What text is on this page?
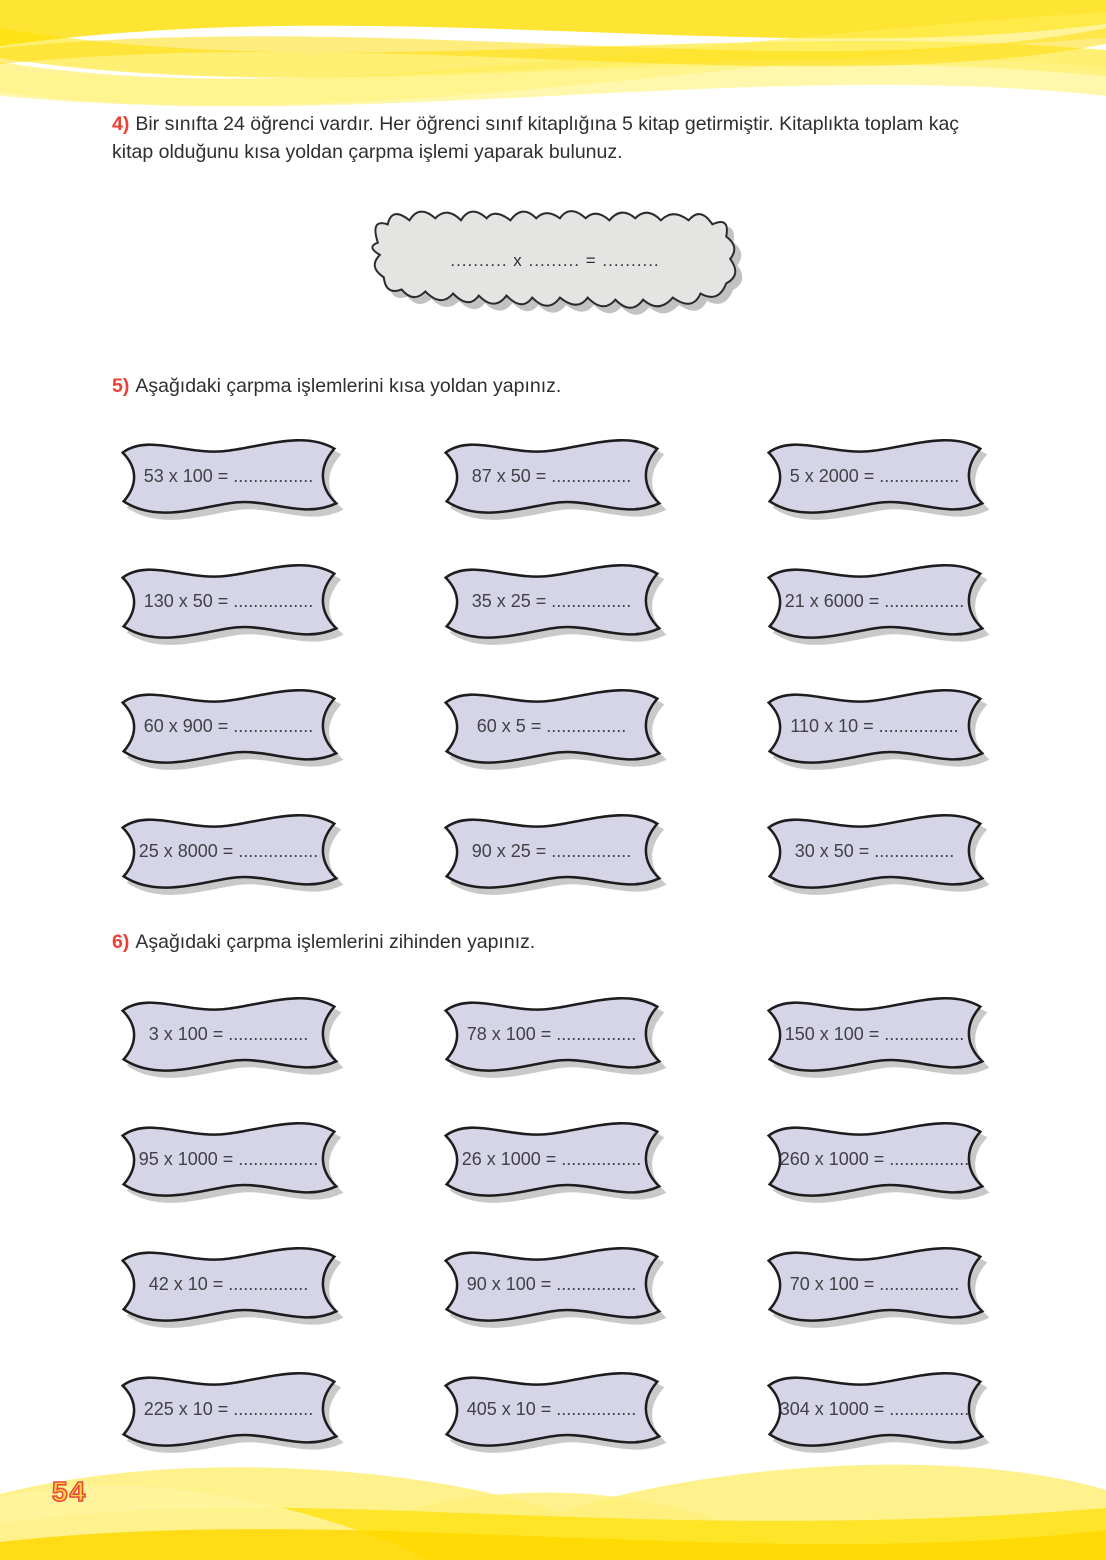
4) Bir sınıfta 24 öğrenci vardır. Her öğrenci sınıf kitaplığına 5 kitap getirmiştir. Kitaplıkta toplam kaç kitap olduğunu kısa yoldan çarpma işlemi yaparak bulunuz.
.......... x ......... = ..........
5) Aşağıdaki çarpma işlemlerini kısa yoldan yapınız.
53 x 100 = ................	87 x 50 = ................	5 x 2000 = ................
130 x 50 = ................	35 x 25 = ................	21 x 6000 = ................
60 x 900 = ................	60 x 5 = ................	110 x 10 = ................
25 x 8000 = ................	90 x 25 = ................	30 x 50 = ................
6) Aşağıdaki çarpma işlemlerini zihinden yapınız.
3 x 100 = ................	78 x 100 = ................	150 x 100 = ................
95 x 1000 = ................	26 x 1000 = ................	260 x 1000 = ................
42 x 10 = ................	90 x 100 = ................	70 x 100 = ................
225 x 10 = ................	405 x 10 = ................	304 x 1000 = ................
54
